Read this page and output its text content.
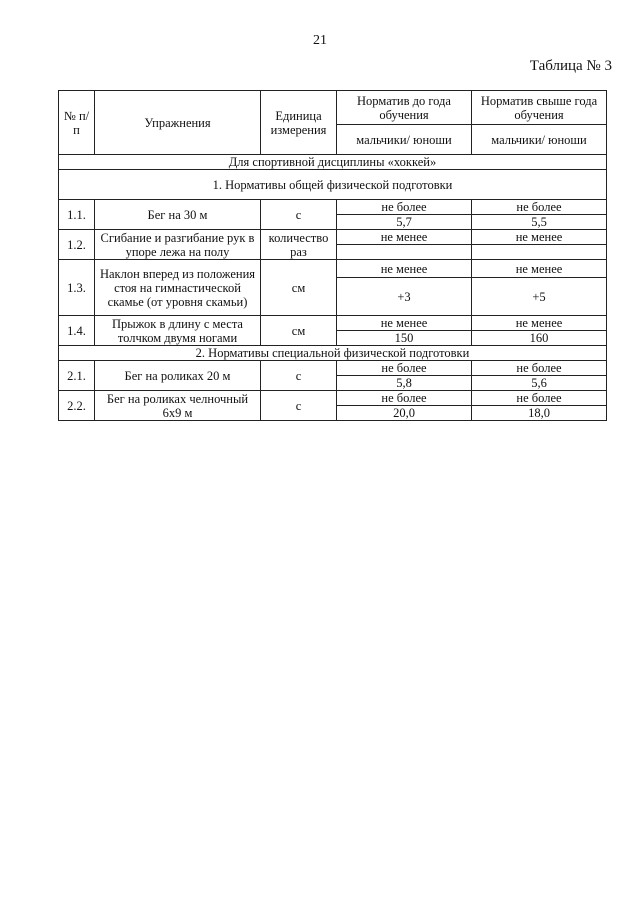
21
Таблица № 3
№ п/п	Упражнения	Единица измерения	Норматив до года обучения	Норматив свыше года обучения
			мальчики/ юноши	мальчики/ юноши
Для спортивной дисциплины «хоккей»				
1. Нормативы общей физической подготовки				
1.1.	Бег на 30 м	с	не более	не более
			5,7	5,5
1.2.	Сгибание и разгибание рук в упоре лежа на полу	количество раз	не менее	не менее

1.3.	Наклон вперед из положения стоя на гимнастической скамье (от уровня скамьи)	см	не менее	не менее
			+3	+5
1.4.	Прыжок в длину с места толчком двумя ногами	см	не менее	не менее
			150	160
2. Нормативы специальной физической подготовки				
2.1.	Бег на роликах 20 м	с	не более	не более
			5,8	5,6
2.2.	Бег на роликах челночный 6х9 м	с	не более	не более
			20,0	18,0
